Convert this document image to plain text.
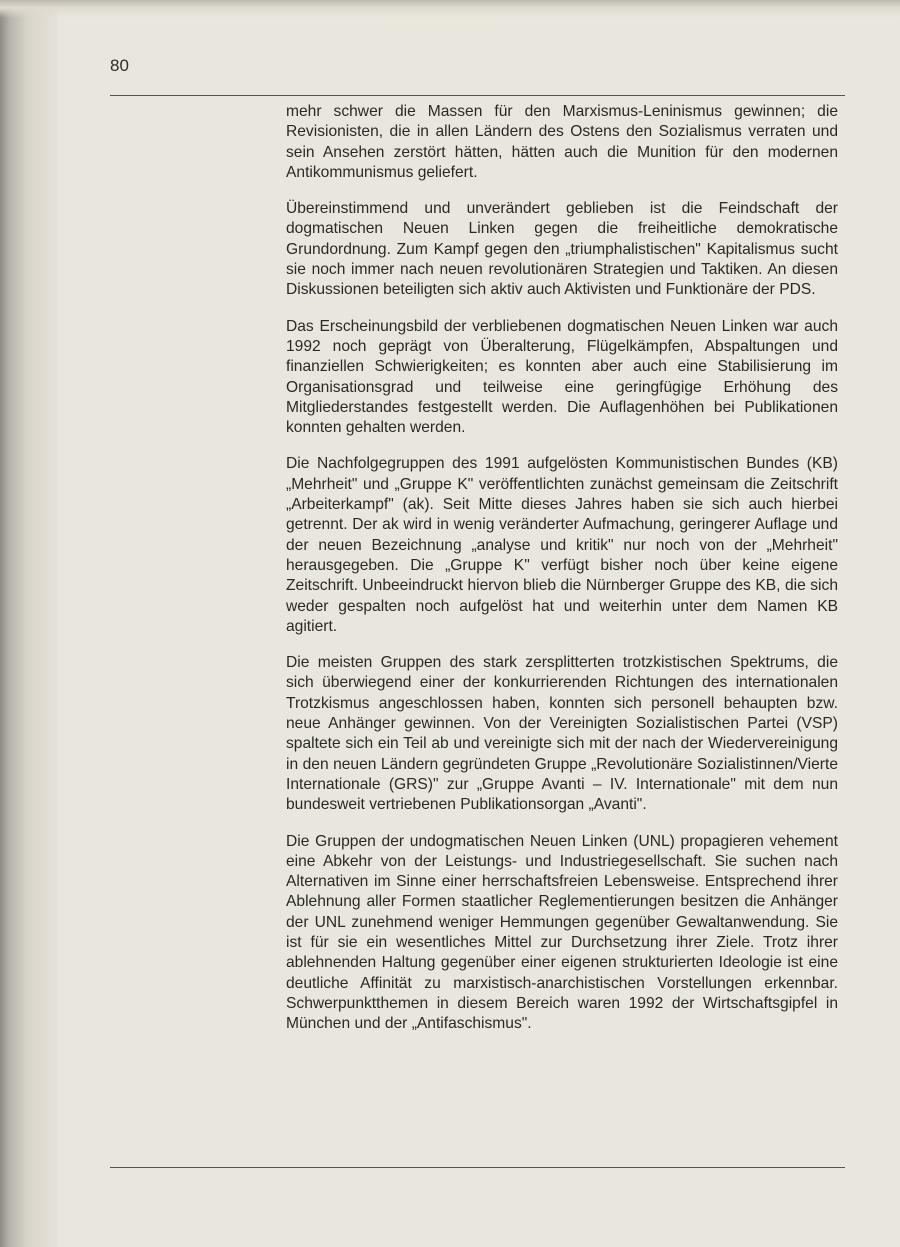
80

mehr schwer die Massen für den Marxismus-Leninismus gewinnen; die Revisionisten, die in allen Ländern des Ostens den Sozialismus verraten und sein Ansehen zerstört hätten, hätten auch die Munition für den modernen Antikommunismus geliefert.

Übereinstimmend und unverändert geblieben ist die Feindschaft der dogmatischen Neuen Linken gegen die freiheitliche demokratische Grundordnung. Zum Kampf gegen den „triumphalistischen" Kapitalismus sucht sie noch immer nach neuen revolutionären Strategien und Taktiken. An diesen Diskussionen beteiligten sich aktiv auch Aktivisten und Funktionäre der PDS.

Das Erscheinungsbild der verbliebenen dogmatischen Neuen Linken war auch 1992 noch geprägt von Überalterung, Flügelkämpfen, Abspaltungen und finanziellen Schwierigkeiten; es konnten aber auch eine Stabilisierung im Organisationsgrad und teilweise eine geringfügige Erhöhung des Mitgliederstandes festgestellt werden. Die Auflagenhöhen bei Publikationen konnten gehalten werden.

Die Nachfolgegruppen des 1991 aufgelösten Kommunistischen Bundes (KB) „Mehrheit" und „Gruppe K" veröffentlichten zunächst gemeinsam die Zeitschrift „Arbeiterkampf" (ak). Seit Mitte dieses Jahres haben sie sich auch hierbei getrennt. Der ak wird in wenig veränderter Aufmachung, geringerer Auflage und der neuen Bezeichnung „analyse und kritik" nur noch von der „Mehrheit" herausgegeben. Die „Gruppe K" verfügt bisher noch über keine eigene Zeitschrift. Unbeeindruckt hiervon blieb die Nürnberger Gruppe des KB, die sich weder gespalten noch aufgelöst hat und weiterhin unter dem Namen KB agitiert.

Die meisten Gruppen des stark zersplitterten trotzkistischen Spektrums, die sich überwiegend einer der konkurrierenden Richtungen des internationalen Trotzkismus angeschlossen haben, konnten sich personell behaupten bzw. neue Anhänger gewinnen. Von der Vereinigten Sozialistischen Partei (VSP) spaltete sich ein Teil ab und vereinigte sich mit der nach der Wiedervereinigung in den neuen Ländern gegründeten Gruppe „Revolutionäre Sozialistinnen/Vierte Internationale (GRS)" zur „Gruppe Avanti – IV. Internationale" mit dem nun bundesweit vertriebenen Publikationsorgan „Avanti".

Die Gruppen der undogmatischen Neuen Linken (UNL) propagieren vehement eine Abkehr von der Leistungs- und Industriegesellschaft. Sie suchen nach Alternativen im Sinne einer herrschaftsfreien Lebensweise. Entsprechend ihrer Ablehnung aller Formen staatlicher Reglementierungen besitzen die Anhänger der UNL zunehmend weniger Hemmungen gegenüber Gewaltanwendung. Sie ist für sie ein wesentliches Mittel zur Durchsetzung ihrer Ziele. Trotz ihrer ablehnenden Haltung gegenüber einer eigenen strukturierten Ideologie ist eine deutliche Affinität zu marxistisch-anarchistischen Vorstellungen erkennbar. Schwerpunktthemen in diesem Bereich waren 1992 der Wirtschaftsgipfel in München und der „Antifaschismus".
